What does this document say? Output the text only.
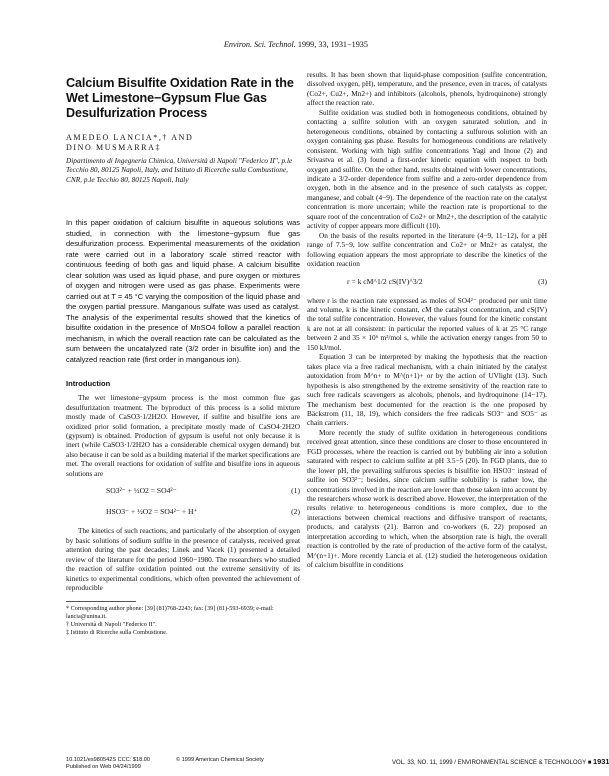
Environ. Sci. Technol. 1999, 33, 1931−1935
Calcium Bisulfite Oxidation Rate in the Wet Limestone−Gypsum Flue Gas Desulfurization Process
AMEDEO LANCIA*,† AND
DINO MUSMARRA‡
Dipartimento di Ingegneria Chimica, Università di Napoli "Federico II", p.le Tecchio 80, 80125 Napoli, Italy, and Istituto di Ricerche sulla Combustione, CNR, p.le Tecchio 80, 80125 Napoli, Italy

In this paper oxidation of calcium bisulfite in aqueous solutions was studied, in connection with the limestone−gypsum flue gas desulfurization process. Experimental measurements of the oxidation rate were carried out in a laboratory scale stirred reactor with continuous feeding of both gas and liquid phase. A calcium bisulfite clear solution was used as liquid phase, and pure oxygen or mixtures of oxygen and nitrogen were used as gas phase. Experiments were carried out at T = 45 °C varying the composition of the liquid phase and the oxygen partial pressure. Manganous sulfate was used as catalyst. The analysis of the experimental results showed that the kinetics of bisulfite oxidation in the presence of MnSO4 follow a parallel reaction mechanism, in which the overall reaction rate can be calculated as the sum between the uncatalyzed rate (3/2 order in bisulfite ion) and the catalyzed reaction rate (first order in manganous ion).

Introduction

The wet limestone−gypsum process is the most common flue gas desulfurization treatment. The byproduct of this process is a solid mixture mostly made of CaSO3·1/2H2O. However, if sulfite and bisulfite ions are oxidized prior solid formation, a precipitate mostly made of CaSO4·2H2O (gypsum) is obtained. Production of gypsum is useful not only because it is inert (while CaSO3·1/2H2O has a considerable chemical oxygen demand) but also because it can be sold as a building material if the market specifications are met. The overall reactions for oxidation of sulfite and bisulfite ions in aqueous solutions are

SO3²⁻ + ½O2 = SO4²⁻	(1)
HSO3⁻ + ½O2 = SO4²⁻ + H⁺	(2)

The kinetics of such reactions, and particularly of the absorption of oxygen by basic solutions of sodium sulfite in the presence of catalysts, received great attention during the past decades; Linek and Vacek (1) presented a detailed review of the literature for the period 1960−1980. The researchers who studied the reaction of sulfite oxidation pointed out the extreme sensitivity of its kinetics to experimental conditions, which often prevented the achievement of reproducible

* Corresponding author phone: [39] (81)768-2243; fax: [39] (81)-593-6939; e-mail: lancia@unina.it.

† Università di Napoli "Federico II".

‡ Istituto di Ricerche sulla Combustione.

results. It has been shown that liquid-phase composition (sulfite concentration, dissolved oxygen, pH), temperature, and the presence, even in traces, of catalysts (Co2+, Cu2+, Mn2+) and inhibitors (alcohols, phenols, hydroquinone) strongly affect the reaction rate.

Sulfite oxidation was studied both in homogeneous conditions, obtained by contacting a sulfite solution with an oxygen saturated solution, and in heterogeneous conditions, obtained by contacting a sulfurous solution with an oxygen containing gas phase. Results for homogeneous conditions are relatively consistent. Working with high sulfite concentrations Yagi and Inoue (2) and Srivastva et al. (3) found a first-order kinetic equation with respect to both oxygen and sulfite. On the other hand, results obtained with lower concentrations, indicate a 3/2-order dependence from sulfite and a zero-order dependence from oxygen, both in the absence and in the presence of such catalysts as copper, manganese, and cobalt (4−9). The dependence of the reaction rate on the catalyst concentration is more uncertain; while the reaction rate is proportional to the square root of the concentration of Co2+ or Mn2+, the description of the catalytic activity of copper appears more difficult (10).

On the basis of the results reported in the literature (4−9, 11−12), for a pH range of 7.5−9, low sulfite concentration and Co2+ or Mn2+ as catalyst, the following equation appears the most appropriate to describe the kinetics of the oxidation reaction

r = k cM^1/2 cS(IV)^3/2	(3)

where r is the reaction rate expressed as moles of SO4²⁻ produced per unit time and volume, k is the kinetic constant, cM the catalyst concentration, and cS(IV) the total sulfite concentration. However, the values found for the kinetic constant k are not at all consistent: in particular the reported values of k at 25 °C range between 2 and 35 × 10⁶ m³/mol s, while the activation energy ranges from 50 to 150 kJ/mol.

Equation 3 can be interpreted by making the hypothesis that the reaction takes place via a free radical mechanism, with a chain initiated by the catalyst autoxidation from M^n+ to M^(n+1)+ or by the action of UVlight (13). Such hypothesis is also strengthened by the extreme sensitivity of the reaction rate to such free radicals scavengers as alcohols, phenols, and hydroquinone (14−17). The mechanism best documented for the reaction is the one proposed by Bäckstrom (11, 18, 19), which considers the free radicals SO3⁻ and SO5⁻ as chain carriers.

More recently the study of sulfite oxidation in heterogeneous conditions received great attention, since these conditions are closer to those encountered in FGD processes, where the reaction is carried out by bubbling air into a solution saturated with respect to calcium sulfite at pH 3.5−5 (20). In FGD plants, due to the lower pH, the prevailing sulfurous species is bisulfite ion HSO3⁻ instead of sulfite ion SO3²⁻; besides, since calcium sulfite solubility is rather low, the concentrations involved in the reaction are lower than those taken into account by the researchers whose work is described above. However, the interpretation of the results relative to heterogeneous conditions is more complex, due to the interactions between chemical reactions and diffusive transport of reactants, products, and catalysts (21). Barron and co-workers (6, 22) proposed an interpretation according to which, when the absorption rate is high, the overall reaction is controlled by the rate of production of the active form of the catalyst, M^(n+1)+. More recently Lancia et al. (12) studied the heterogeneous oxidation of calcium bisulfite in conditions

10.1021/es980542S CCC: $18.00
Published on Web 04/24/1999
© 1999 American Chemical Society	VOL. 33, NO. 11, 1999 / ENVIRONMENTAL SCIENCE & TECHNOLOGY ■ 1931
